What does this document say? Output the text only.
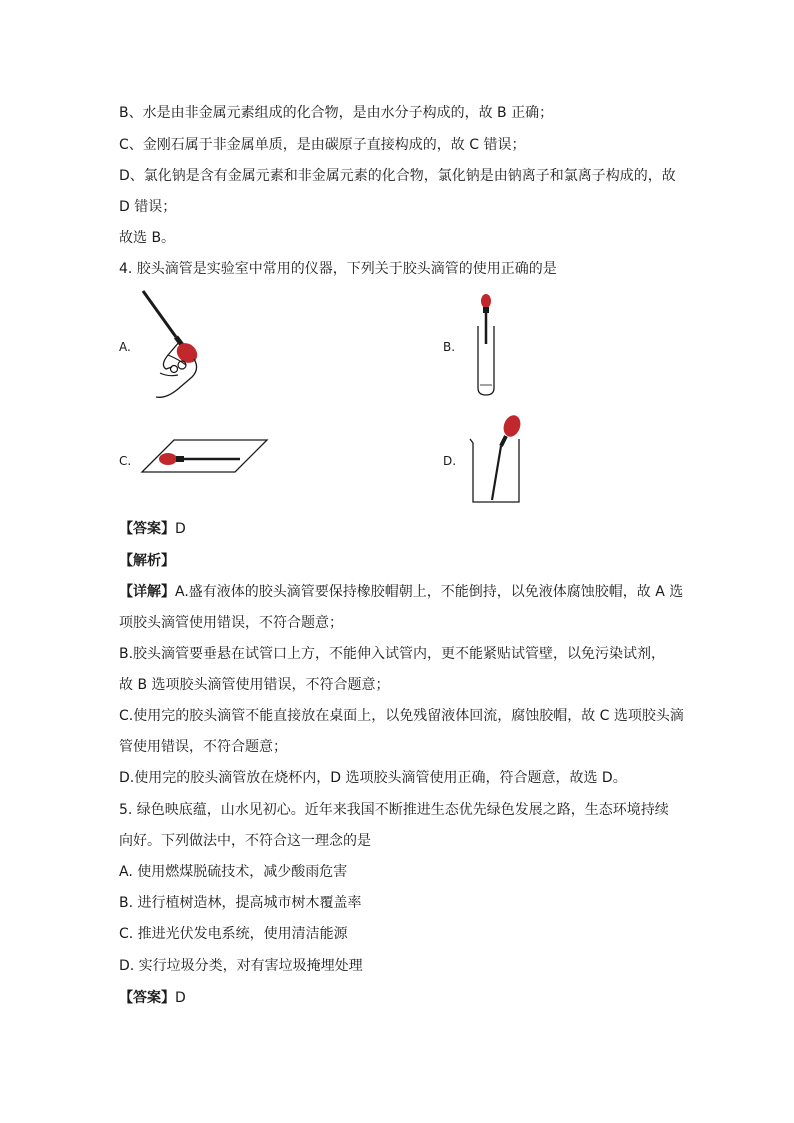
B、水是由非金属元素组成的化合物，是由水分子构成的，故 B 正确；
C、金刚石属于非金属单质，是由碳原子直接构成的，故 C 错误；
D、氯化钠是含有金属元素和非金属元素的化合物，氯化钠是由钠离子和氯离子构成的，故
D 错误；
故选 B。
4. 胶头滴管是实验室中常用的仪器，下列关于胶头滴管的使用正确的是
A.	B.
C.	D.
【答案】D
【解析】
【详解】A.盛有液体的胶头滴管要保持橡胶帽朝上，不能倒持，以免液体腐蚀胶帽，故 A 选
项胶头滴管使用错误，不符合题意；
B.胶头滴管要垂悬在试管口上方，不能伸入试管内，更不能紧贴试管壁，以免污染试剂，
故 B 选项胶头滴管使用错误，不符合题意；
C.使用完的胶头滴管不能直接放在桌面上，以免残留液体回流，腐蚀胶帽，故 C 选项胶头滴
管使用错误，不符合题意；
D.使用完的胶头滴管放在烧杯内，D 选项胶头滴管使用正确，符合题意，故选 D。
5. 绿色映底蕴，山水见初心。近年来我国不断推进生态优先绿色发展之路，生态环境持续
向好。下列做法中，不符合这一理念的是
A. 使用燃煤脱硫技术，减少酸雨危害
B. 进行植树造林，提高城市树木覆盖率
C. 推进光伏发电系统，使用清洁能源
D. 实行垃圾分类，对有害垃圾掩埋处理
【答案】D
